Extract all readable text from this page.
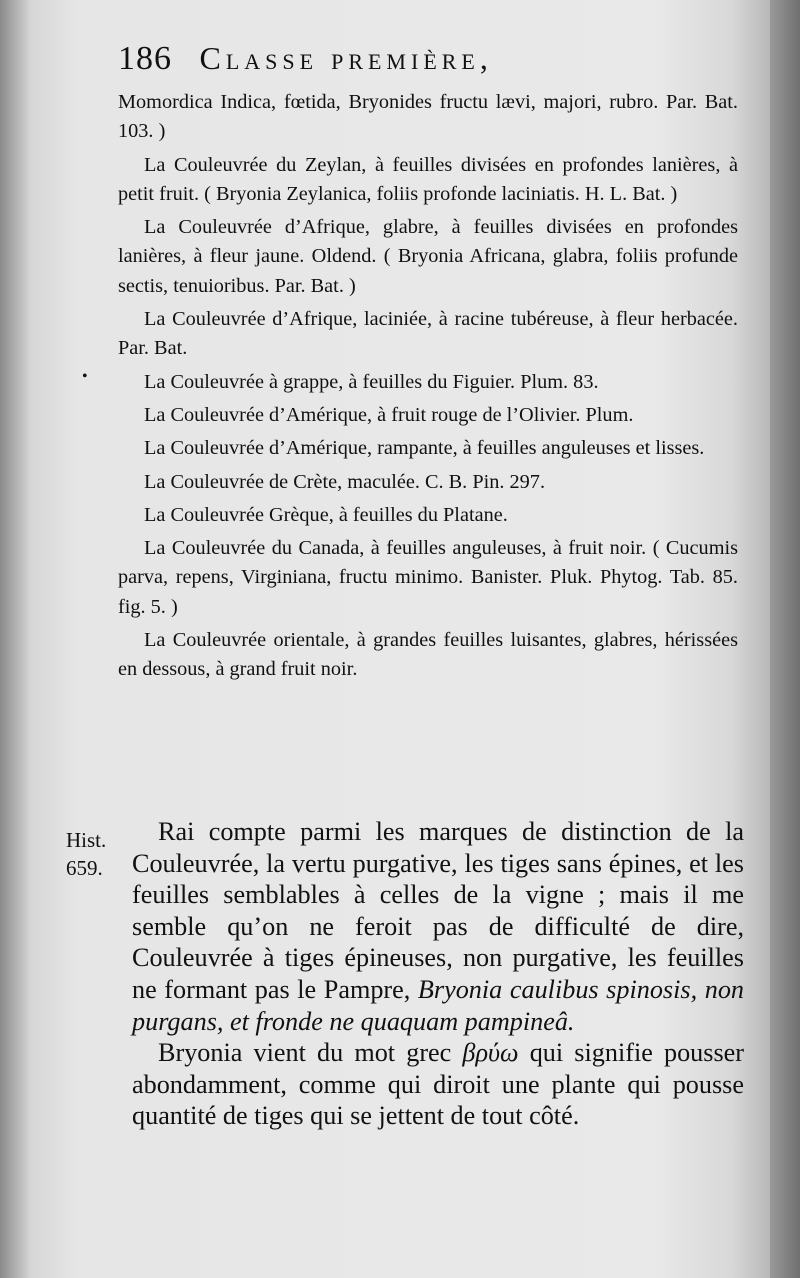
186 Classe première,
•

Momordica Indica, fœtida, Bryonides fructu lævi, majori, rubro. Par. Bat. 103. )

La Couleuvrée du Zeylan, à feuilles divisées en profondes lanières, à petit fruit. ( Bryonia Zeylanica, foliis profonde laciniatis. H. L. Bat. )

La Couleuvrée d’Afrique, glabre, à feuilles divisées en profondes lanières, à fleur jaune. Oldend. ( Bryonia Africana, glabra, foliis profunde sectis, tenuioribus. Par. Bat. )

La Couleuvrée d’Afrique, laciniée, à racine tubéreuse, à fleur herbacée. Par. Bat.

La Couleuvrée à grappe, à feuilles du Figuier. Plum. 83.

La Couleuvrée d’Amérique, à fruit rouge de l’Olivier. Plum.

La Couleuvrée d’Amérique, rampante, à feuilles anguleuses et lisses.

La Couleuvrée de Crète, maculée. C. B. Pin. 297.

La Couleuvrée Grèque, à feuilles du Platane.

La Couleuvrée du Canada, à feuilles anguleuses, à fruit noir. ( Cucumis parva, repens, Virginiana, fructu minimo. Banister. Pluk. Phytog. Tab. 85. fig. 5. )

La Couleuvrée orientale, à grandes feuilles luisantes, glabres, hérissées en dessous, à grand fruit noir.

Hist.
659.

Rai compte parmi les marques de distinction de la Couleuvrée, la vertu purgative, les tiges sans épines, et les feuilles semblables à celles de la vigne ; mais il me semble qu’on ne feroit pas de difficulté de dire, Couleuvrée à tiges épineuses, non purgative, les feuilles ne formant pas le Pampre, Bryonia caulibus spinosis, non purgans, et fronde ne quaquam pampineâ.

Bryonia vient du mot grec βρύω qui signifie pousser abondamment, comme qui diroit une plante qui pousse quantité de tiges qui se jettent de tout côté.
